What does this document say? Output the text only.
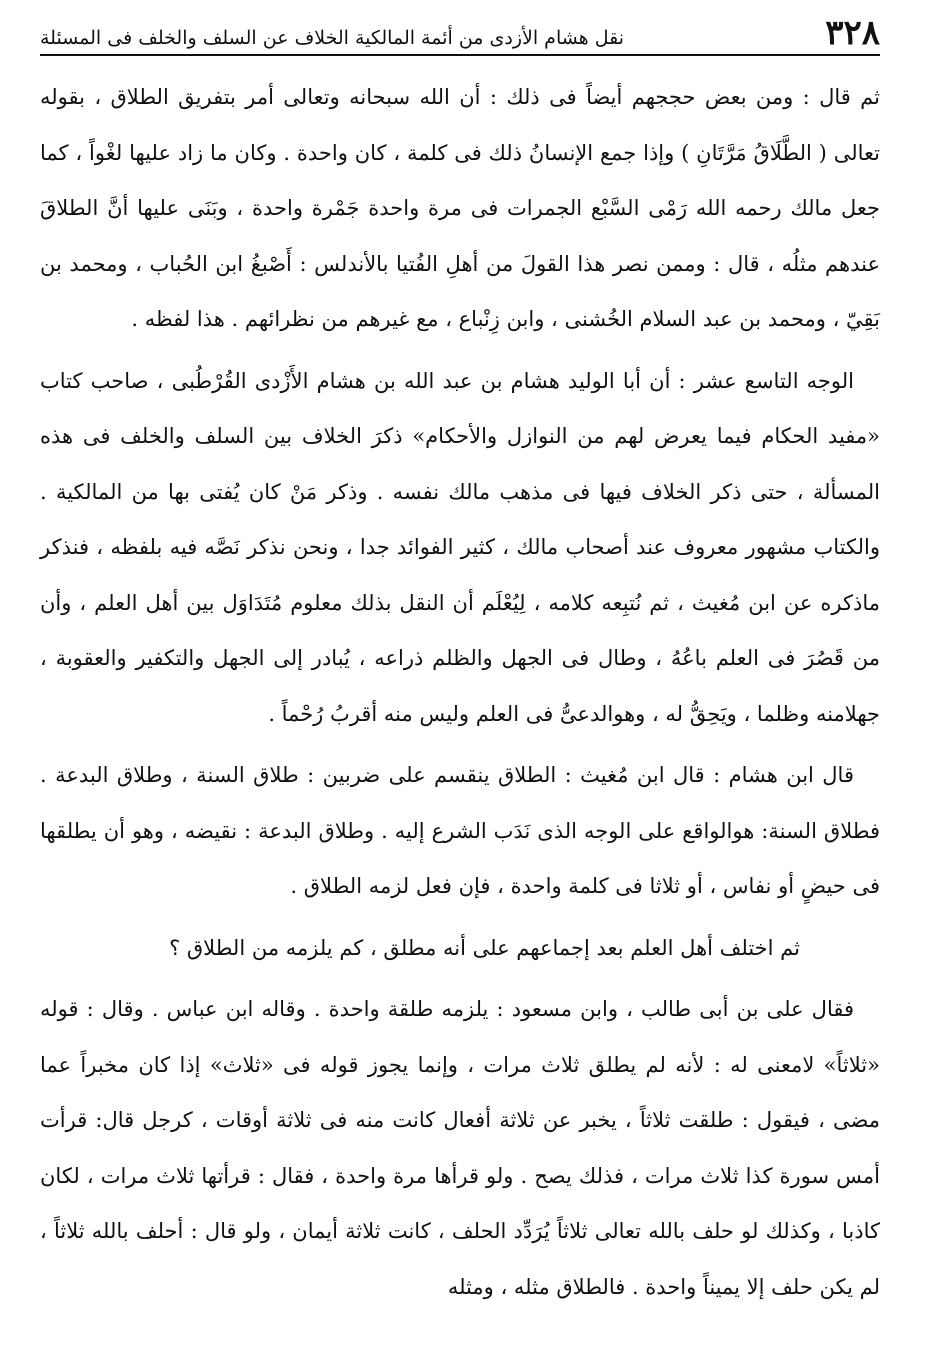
٣٢٨
نقل هشام الأزدى من أئمة المالكية الخلاف عن السلف والخلف فى المسئلة

ثم قال : ومن بعض حججهم أيضاً فى ذلك : أن الله سبحانه وتعالى أمر بتفريق الطلاق ، بقوله تعالى ( الطَّلَاقُ مَرَّتَانِ ) وإذا جمع الإنسانُ ذلك فى كلمة ، كان واحدة . وكان ما زاد عليها لغْواً ، كما جعل مالك رحمه الله رَمْى السَّبْع الجمرات فى مرة واحدة جَمْرة واحدة ، وبَنَى عليها أنَّ الطلاقَ عندهم مثلُه ، قال : وممن نصر هذا القولَ من أهلِ الفُتيا بالأندلس : أَصْبغُ ابن الحُباب ، ومحمد بن بَقِيّ ، ومحمد بن عبد السلام الخُشنى ، وابن زِنْباع ، مع غيرهم من نظرائهم . هذا لفظه .

الوجه التاسع عشر : أن أبا الوليد هشام بن عبد الله بن هشام الأَزْدى القُرْطُبى ، صاحب كتاب «مفيد الحكام فيما يعرض لهم من النوازل والأحكام» ذكرَ الخلاف بين السلف والخلف فى هذه المسألة ، حتى ذكر الخلاف فيها فى مذهب مالك نفسه . وذكر مَنْ كان يُفتى بها من المالكية . والكتاب مشهور معروف عند أصحاب مالك ، كثير الفوائد جدا ، ونحن نذكر نَصَّه فيه بلفظه ، فنذكر ماذكره عن ابن مُغيث ، ثم نُتبِعه كلامه ، لِيُعْلَم أن النقل بذلك معلوم مُتَدَاوَل بين أهل العلم ، وأن من قَصُرَ فى العلم باعُهُ ، وطال فى الجهل والظلم ذراعه ، يُبادر إلى الجهل والتكفير والعقوبة ، جهلامنه وظلما ، ويَحِقُّ له ، وهوالدعىُّ فى العلم وليس منه أقربُ رُحْماً .

قال ابن هشام : قال ابن مُغيث : الطلاق ينقسم على ضربين : طلاق السنة ، وطلاق البدعة . فطلاق السنة: هوالواقع على الوجه الذى نَدَب الشرع إليه . وطلاق البدعة : نقيضه ، وهو أن يطلقها فى حيضٍ أو نفاس ، أو ثلاثا فى كلمة واحدة ، فإن فعل لزمه الطلاق .

ثم اختلف أهل العلم بعد إجماعهم على أنه مطلق ، كم يلزمه من الطلاق ؟

فقال على بن أبى طالب ، وابن مسعود : يلزمه طلقة واحدة . وقاله ابن عباس . وقال : قوله «ثلاثاً» لامعنى له : لأنه لم يطلق ثلاث مرات ، وإنما يجوز قوله فى «ثلاث» إذا كان مخبراً عما مضى ، فيقول : طلقت ثلاثاً ، يخبر عن ثلاثة أفعال كانت منه فى ثلاثة أوقات ، كرجل قال: قرأت أمس سورة كذا ثلاث مرات ، فذلك يصح . ولو قرأها مرة واحدة ، فقال : قرأتها ثلاث مرات ، لكان كاذبا ، وكذلك لو حلف بالله تعالى ثلاثاً يُرَدِّد الحلف ، كانت ثلاثة أيمان ، ولو قال : أحلف بالله ثلاثاً ، لم يكن حلف إلا يميناً واحدة . فالطلاق مثله ، ومثله
